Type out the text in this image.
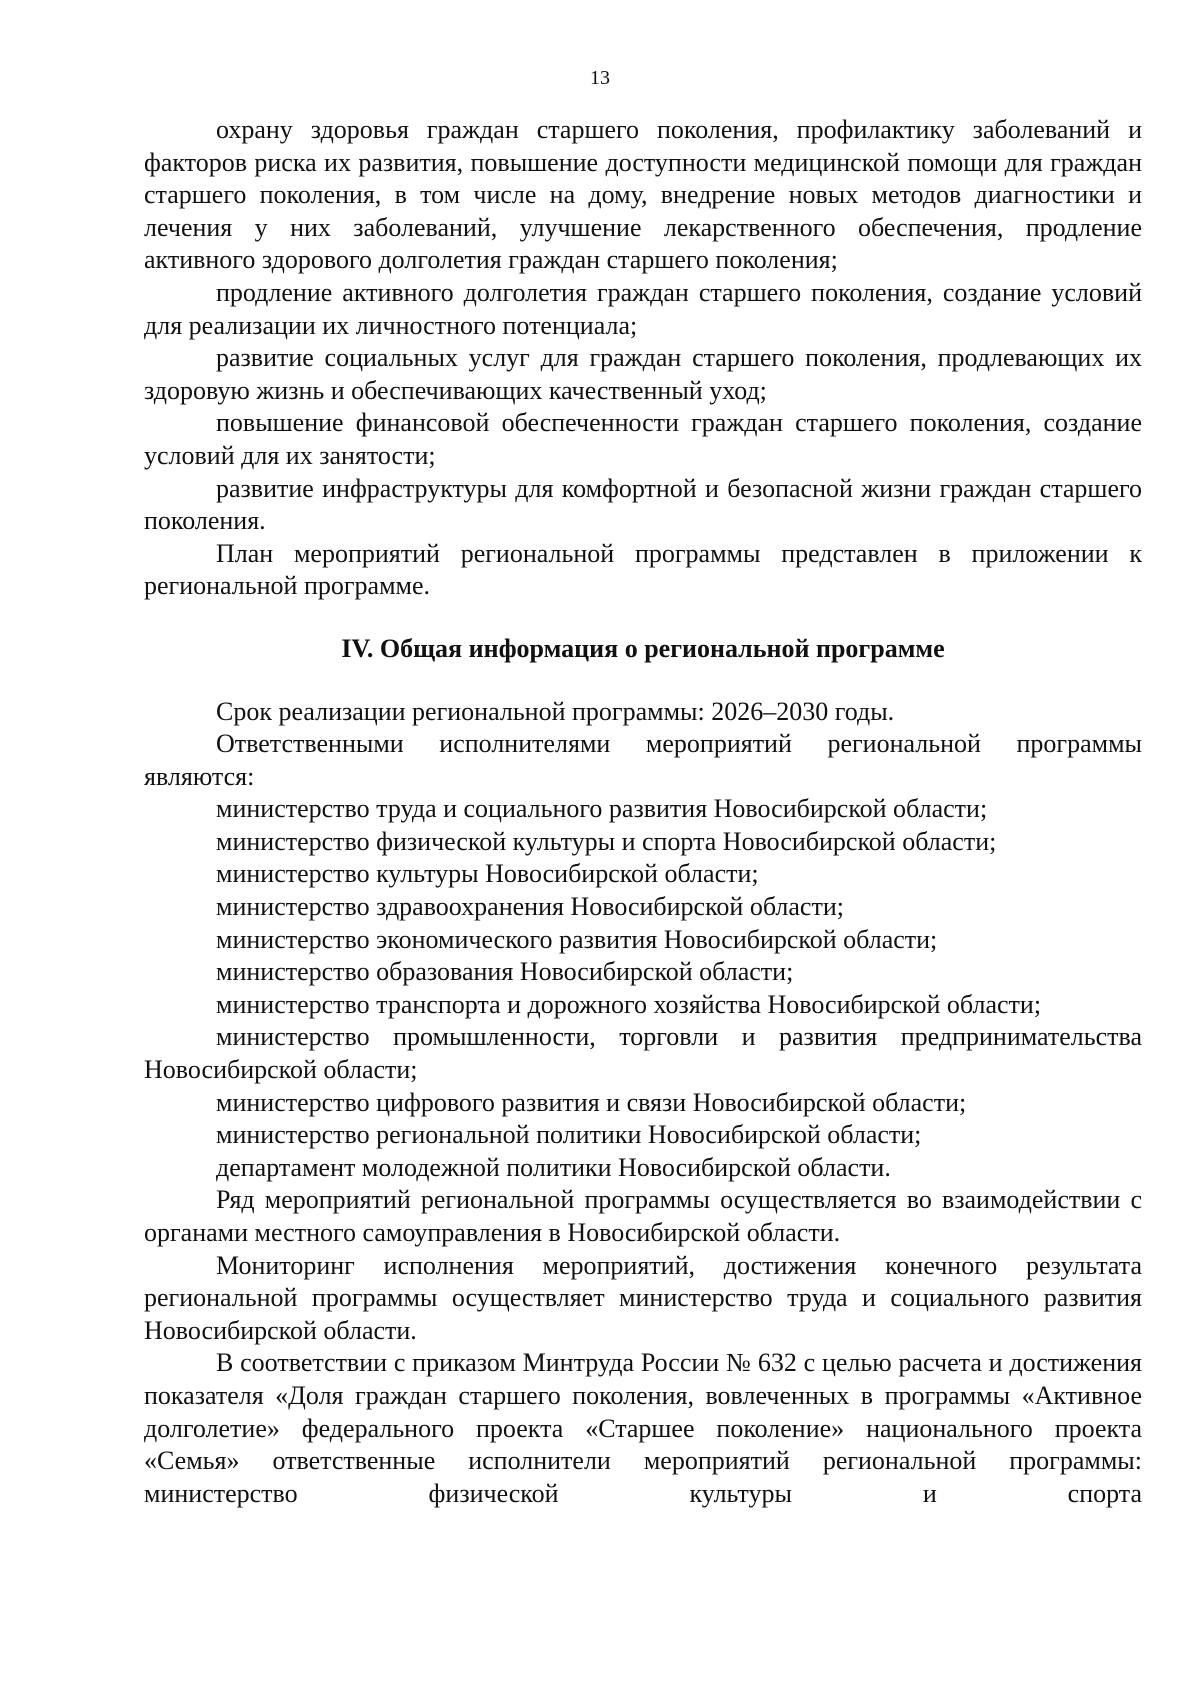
13

охрану здоровья граждан старшего поколения, профилактику заболеваний и факторов риска их развития, повышение доступности медицинской помощи для граждан старшего поколения, в том числе на дому, внедрение новых методов диагностики и лечения у них заболеваний, улучшение лекарственного обеспечения, продление активного здорового долголетия граждан старшего поколения;

продление активного долголетия граждан старшего поколения, создание условий для реализации их личностного потенциала;

развитие социальных услуг для граждан старшего поколения, продлевающих их здоровую жизнь и обеспечивающих качественный уход;

повышение финансовой обеспеченности граждан старшего поколения, создание условий для их занятости;

развитие инфраструктуры для комфортной и безопасной жизни граждан старшего поколения.

План мероприятий региональной программы представлен в приложении к региональной программе.

IV. Общая информация о региональной программе

Срок реализации региональной программы: 2026–2030 годы.

Ответственными исполнителями мероприятий региональной программы являются:

министерство труда и социального развития Новосибирской области;

министерство физической культуры и спорта Новосибирской области;

министерство культуры Новосибирской области;

министерство здравоохранения Новосибирской области;

министерство экономического развития Новосибирской области;

министерство образования Новосибирской области;

министерство транспорта и дорожного хозяйства Новосибирской области;

министерство промышленности, торговли и развития предпринимательства Новосибирской области;

министерство цифрового развития и связи Новосибирской области;

министерство региональной политики Новосибирской области;

департамент молодежной политики Новосибирской области.

Ряд мероприятий региональной программы осуществляется во взаимодействии с органами местного самоуправления в Новосибирской области.

Мониторинг исполнения мероприятий, достижения конечного результата региональной программы осуществляет министерство труда и социального развития Новосибирской области.

В соответствии с приказом Минтруда России № 632 с целью расчета и достижения показателя «Доля граждан старшего поколения, вовлеченных в программы «Активное долголетие» федерального проекта «Старшее поколение» национального проекта «Семья» ответственные исполнители мероприятий региональной программы: министерство физической культуры и спорта
